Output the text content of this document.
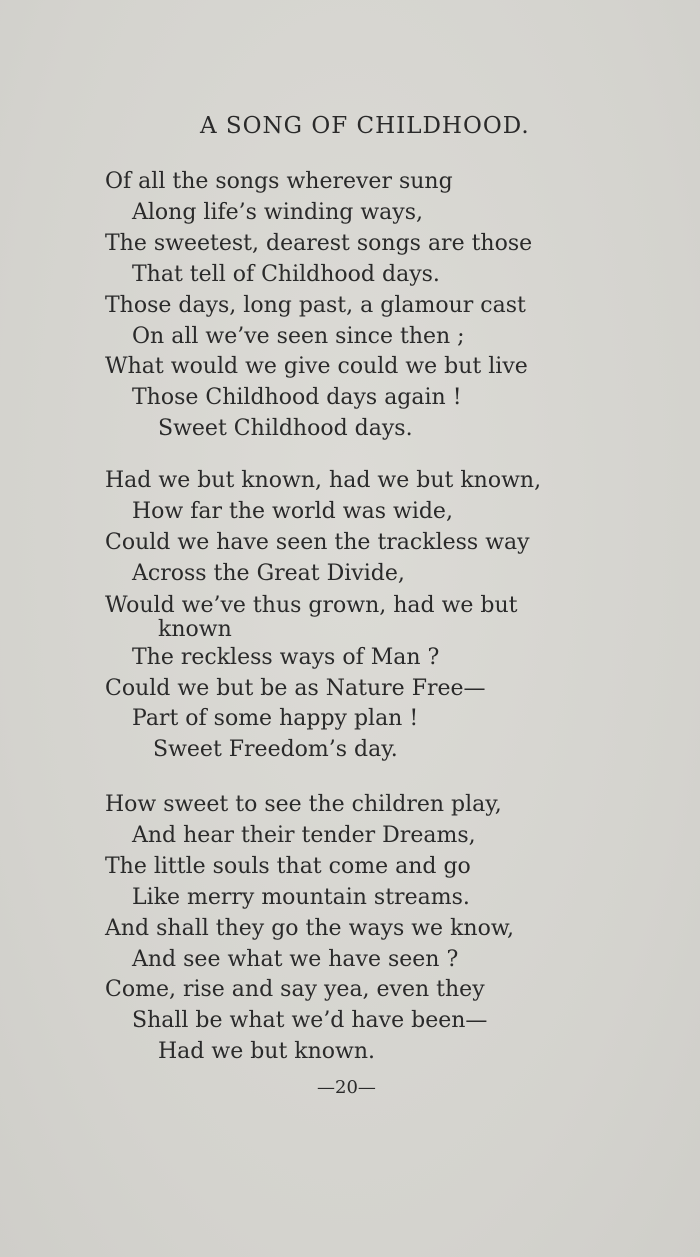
A SONG OF CHILDHOOD.
Of all the songs wherever sung
Along life’s winding ways,
The sweetest, dearest songs are those
That tell of Childhood days.
Those days, long past, a glamour cast
On all we’ve seen since then ;
What would we give could we but live
Those Childhood days again !
Sweet Childhood days.
Had we but known, had we but known,
How far the world was wide,
Could we have seen the trackless way
Across the Great Divide,
Would we’ve thus grown, had we but
known
The reckless ways of Man ?
Could we but be as Nature Free—
Part of some happy plan !
Sweet Freedom’s day.
How sweet to see the children play,
And hear their tender Dreams,
The little souls that come and go
Like merry mountain streams.
And shall they go the ways we know,
And see what we have seen ?
Come, rise and say yea, even they
Shall be what we’d have been—
Had we but known.
—20—
